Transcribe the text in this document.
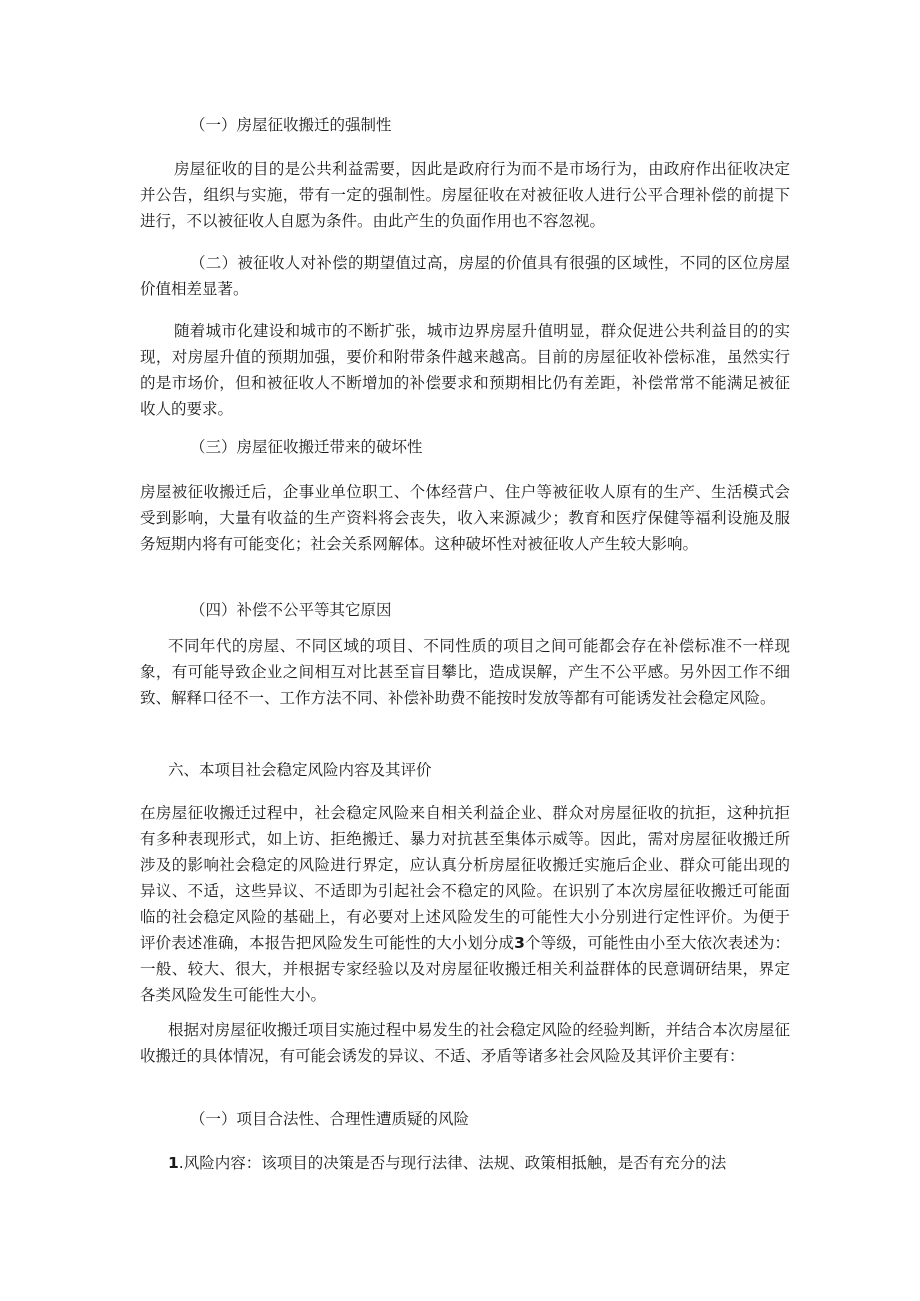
（一）房屋征收搬迁的强制性

房屋征收的目的是公共利益需要，因此是政府行为而不是市场行为，由政府作出征收决定并公告，组织与实施，带有一定的强制性。房屋征收在对被征收人进行公平合理补偿的前提下进行，不以被征收人自愿为条件。由此产生的负面作用也不容忽视。

（二）被征收人对补偿的期望值过高，房屋的价值具有很强的区域性，不同的区位房屋价值相差显著。

随着城市化建设和城市的不断扩张，城市边界房屋升值明显，群众促进公共利益目的的实现，对房屋升值的预期加强，要价和附带条件越来越高。目前的房屋征收补偿标准，虽然实行的是市场价，但和被征收人不断增加的补偿要求和预期相比仍有差距，补偿常常不能满足被征收人的要求。

（三）房屋征收搬迁带来的破坏性

房屋被征收搬迁后，企事业单位职工、个体经营户、住户等被征收人原有的生产、生活模式会受到影响，大量有收益的生产资料将会丧失，收入来源减少；教育和医疗保健等福利设施及服务短期内将有可能变化；社会关系网解体。这种破坏性对被征收人产生较大影响。

（四）补偿不公平等其它原因

不同年代的房屋、不同区域的项目、不同性质的项目之间可能都会存在补偿标准不一样现象，有可能导致企业之间相互对比甚至盲目攀比，造成误解，产生不公平感。另外因工作不细致、解释口径不一、工作方法不同、补偿补助费不能按时发放等都有可能诱发社会稳定风险。

六、本项目社会稳定风险内容及其评价

在房屋征收搬迁过程中，社会稳定风险来自相关利益企业、群众对房屋征收的抗拒，这种抗拒有多种表现形式，如上访、拒绝搬迁、暴力对抗甚至集体示威等。因此，需对房屋征收搬迁所涉及的影响社会稳定的风险进行界定，应认真分析房屋征收搬迁实施后企业、群众可能出现的异议、不适，这些异议、不适即为引起社会不稳定的风险。在识别了本次房屋征收搬迁可能面临的社会稳定风险的基础上，有必要对上述风险发生的可能性大小分别进行定性评价。为便于评价表述准确，本报告把风险发生可能性的大小划分成3个等级，可能性由小至大依次表述为：一般、较大、很大，并根据专家经验以及对房屋征收搬迁相关利益群体的民意调研结果，界定各类风险发生可能性大小。

根据对房屋征收搬迁项目实施过程中易发生的社会稳定风险的经验判断，并结合本次房屋征收搬迁的具体情况，有可能会诱发的异议、不适、矛盾等诸多社会风险及其评价主要有：

（一）项目合法性、合理性遭质疑的风险

1.风险内容：该项目的决策是否与现行法律、法规、政策相抵触，是否有充分的法
